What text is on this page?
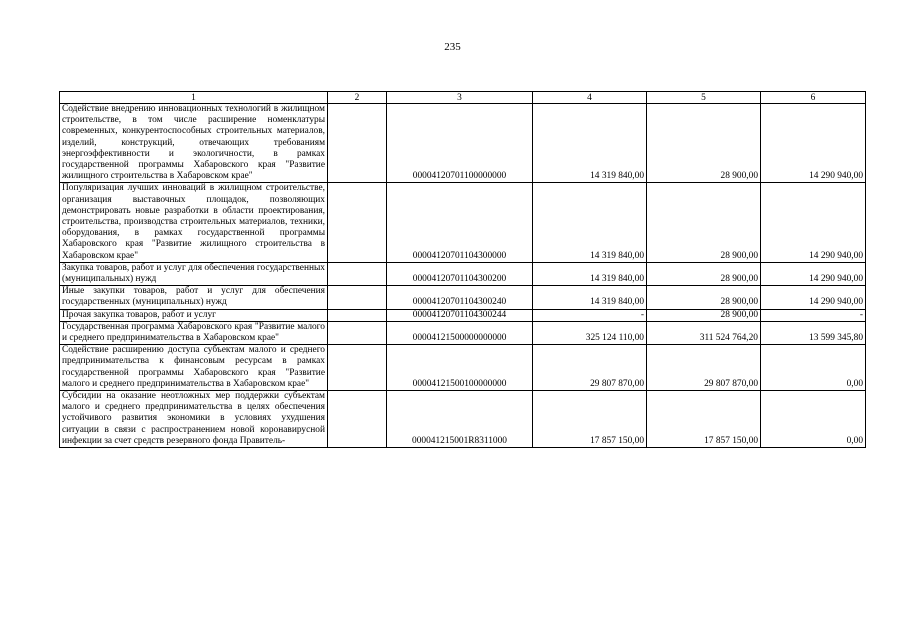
235
1	2	3	4	5	6
Содействие внедрению инновационных технологий в жилищном строительстве, в том числе расширение номенклатуры современных, конкурентоспособных строительных материалов, изделий, конструкций, отвечающих требованиям энергоэффективности и экологичности, в рамках государственной программы Хабаровского края "Развитие жилищного строительства в Хабаровском крае"		00004120701100000000	14 319 840,00	28 900,00	14 290 940,00
Популяризация лучших инноваций в жилищном строительстве, организация выставочных площадок, позволяющих демонстрировать новые разработки в области проектирования, строительства, производства строительных материалов, техники, оборудования, в рамках государственной программы Хабаровского края "Развитие жилищного строительства в Хабаровском крае"		00004120701104300000	14 319 840,00	28 900,00	14 290 940,00
Закупка товаров, работ и услуг для обеспечения государственных (муниципальных) нужд		00004120701104300200	14 319 840,00	28 900,00	14 290 940,00
Иные закупки товаров, работ и услуг для обеспечения государственных (муниципальных) нужд		00004120701104300240	14 319 840,00	28 900,00	14 290 940,00
Прочая закупка товаров, работ и услуг		00004120701104300244	-	28 900,00	-
Государственная программа Хабаровского края "Развитие малого и среднего предпринимательства в Хабаровском крае"		00004121500000000000	325 124 110,00	311 524 764,20	13 599 345,80
Содействие расширению доступа субъектам малого и среднего предпринимательства к финансовым ресурсам в рамках государственной программы Хабаровского края "Развитие малого и среднего предпринимательства в Хабаровском крае"		00004121500100000000	29 807 870,00	29 807 870,00	0,00
Субсидии на оказание неотложных мер поддержки субъектам малого и среднего предпринимательства в целях обеспечения устойчивого развития экономики в условиях ухудшения ситуации в связи с распространением новой коронавирусной инфекции за счет средств резервного фонда Правитель-		000041215001R8311000	17 857 150,00	17 857 150,00	0,00
